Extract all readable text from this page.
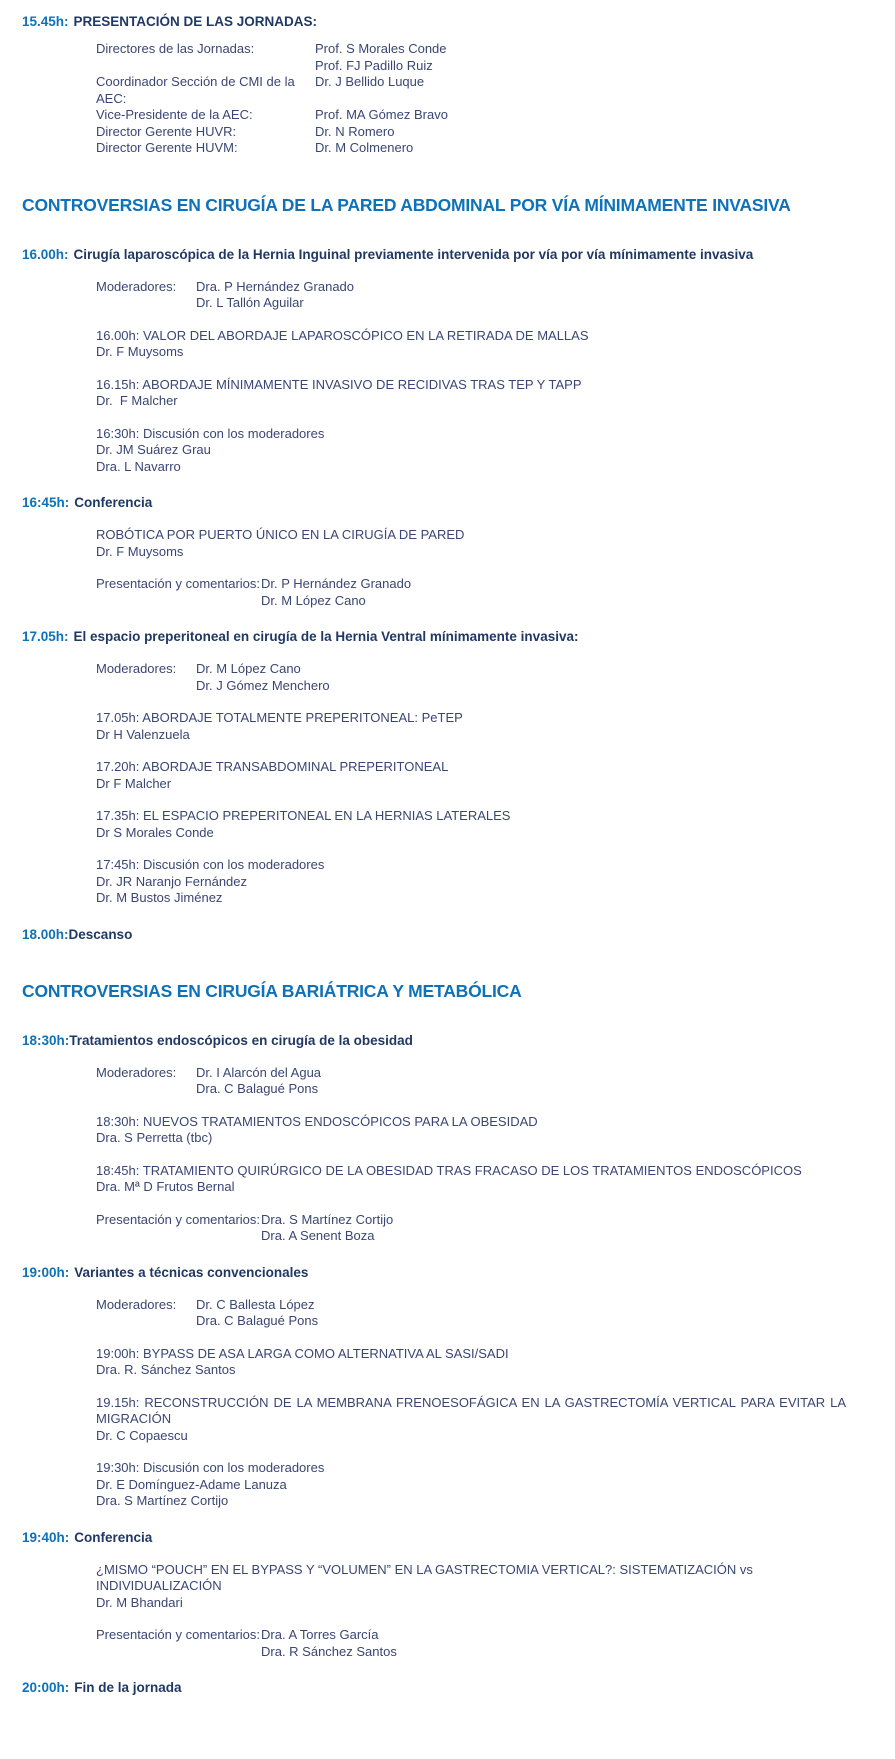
15.45h: PRESENTACIÓN DE LAS JORNADAS:
Directores de las Jornadas:	Prof. S Morales Conde
Prof. FJ Padillo Ruiz
Coordinador Sección de CMI de la AEC:
Dr. J Bellido Luque
Vice-Presidente de la AEC:	Prof. MA Gómez Bravo
Director Gerente HUVR:	Dr. N Romero
Director Gerente HUVM:	Dr. M Colmenero
CONTROVERSIAS EN CIRUGÍA DE LA PARED ABDOMINAL POR VÍA MÍNIMAMENTE INVASIVA
16.00h: Cirugía laparoscópica de la Hernia Inguinal previamente intervenida por vía por vía mínimamente invasiva
Moderadores:	Dra. P Hernández Granado
Dr. L Tallón Aguilar
16.00h: VALOR DEL ABORDAJE LAPAROSCÓPICO EN LA RETIRADA DE MALLAS
Dr. F Muysoms
16.15h: ABORDAJE MÍNIMAMENTE INVASIVO DE RECIDIVAS TRAS TEP Y TAPP
Dr.  F Malcher
16:30h: Discusión con los moderadores
Dr. JM Suárez Grau
Dra. L Navarro
16:45h: Conferencia
ROBÓTICA POR PUERTO ÚNICO EN LA CIRUGÍA DE PARED
Dr. F Muysoms
Presentación y comentarios: Dr. P Hernández Granado
Dr. M López Cano
17.05h: El espacio preperitoneal en cirugía de la Hernia Ventral mínimamente invasiva:
Moderadores:	Dr. M López Cano
Dr. J Gómez Menchero
17.05h: ABORDAJE TOTALMENTE PREPERITONEAL: PeTEP
Dr H Valenzuela
17.20h: ABORDAJE TRANSABDOMINAL PREPERITONEAL
Dr F Malcher
17.35h: EL ESPACIO PREPERITONEAL EN LA HERNIAS LATERALES
Dr S Morales Conde
17:45h: Discusión con los moderadores
Dr. JR Naranjo Fernández
Dr. M Bustos Jiménez
18.00h:Descanso
CONTROVERSIAS EN CIRUGÍA BARIÁTRICA Y METABÓLICA
18:30h:Tratamientos endoscópicos en cirugía de la obesidad
Moderadores:	Dr. I Alarcón del Agua
Dra. C Balagué Pons
18:30h: NUEVOS TRATAMIENTOS ENDOSCÓPICOS PARA LA OBESIDAD
Dra. S Perretta (tbc)
18:45h: TRATAMIENTO QUIRÚRGICO DE LA OBESIDAD TRAS FRACASO DE LOS TRATAMIENTOS ENDOSCÓPICOS
Dra. Mª D Frutos Bernal
Presentación y comentarios: Dra. S Martínez Cortijo
Dra. A Senent Boza
19:00h: Variantes a técnicas convencionales
Moderadores:	Dr. C Ballesta López
Dra. C Balagué Pons
19:00h: BYPASS DE ASA LARGA COMO ALTERNATIVA AL SASI/SADI
Dra. R. Sánchez Santos
19.15h: RECONSTRUCCIÓN DE LA MEMBRANA FRENOESOFÁGICA EN LA GASTRECTOMÍA VERTICAL PARA EVITAR LA
MIGRACIÓN
Dr. C Copaescu
19:30h: Discusión con los moderadores
Dr. E Domínguez-Adame Lanuza
Dra. S Martínez Cortijo
19:40h: Conferencia
¿MISMO “POUCH” EN EL BYPASS Y “VOLUMEN” EN LA GASTRECTOMIA VERTICAL?: SISTEMATIZACIÓN vs
INDIVIDUALIZACIÓN
Dr. M Bhandari
Presentación y comentarios: Dra. A Torres García
Dra. R Sánchez Santos
20:00h: Fin de la jornada
